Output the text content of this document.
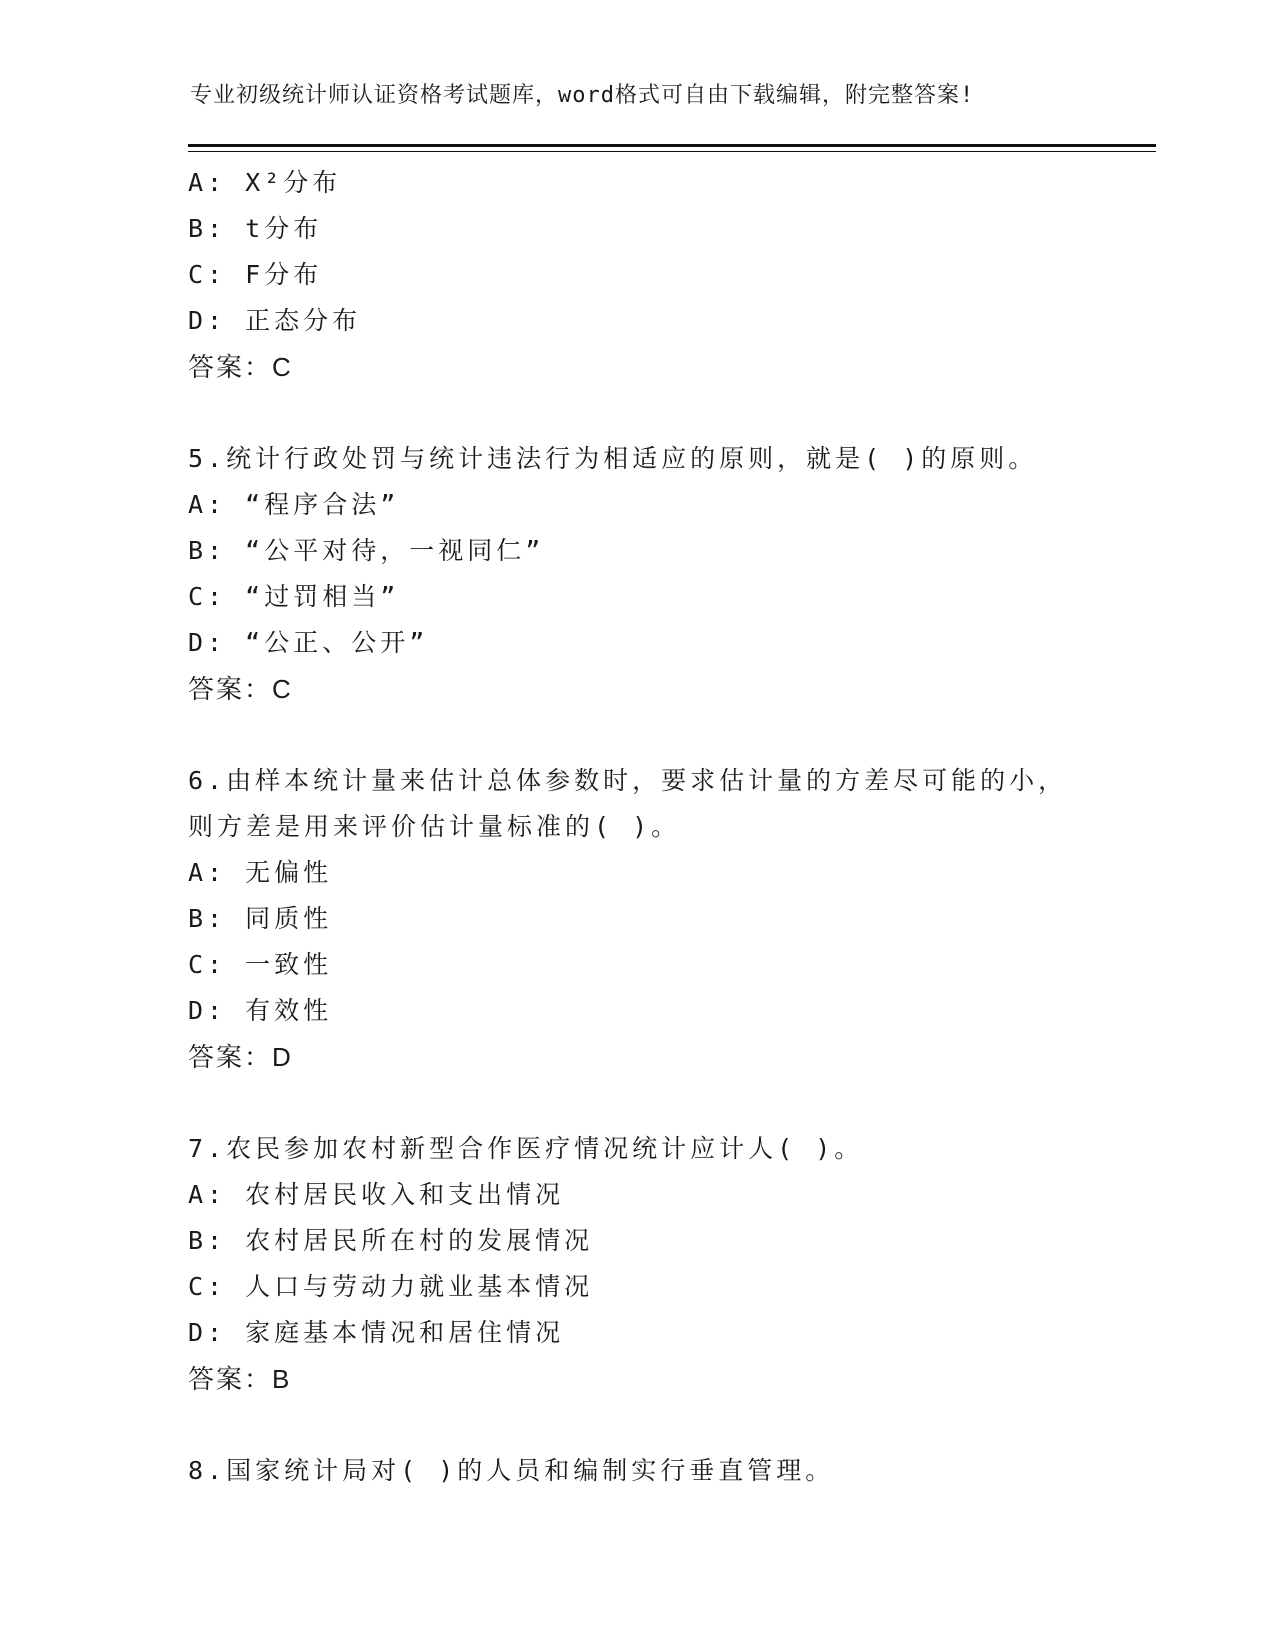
专业初级统计师认证资格考试题库，word格式可自由下载编辑，附完整答案!
A: X²分布
B: t分布
C: F分布
D: 正态分布
答案：C
5.统计行政处罚与统计违法行为相适应的原则，就是( )的原则。
A: “程序合法”
B: “公平对待，一视同仁”
C: “过罚相当”
D: “公正、公开”
答案：C
6.由样本统计量来估计总体参数时，要求估计量的方差尽可能的小，
则方差是用来评价估计量标准的( )。
A: 无偏性
B: 同质性
C: 一致性
D: 有效性
答案：D
7.农民参加农村新型合作医疗情况统计应计人( )。
A: 农村居民收入和支出情况
B: 农村居民所在村的发展情况
C: 人口与劳动力就业基本情况
D: 家庭基本情况和居住情况
答案：B
8.国家统计局对( )的人员和编制实行垂直管理。
